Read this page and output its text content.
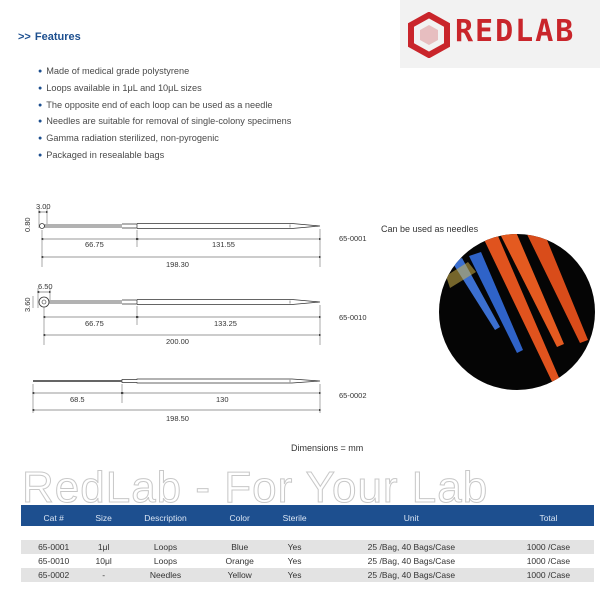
REDLAB
>> Features
● Made of medical grade polystyrene
● Loops available in 1μL and 10μL sizes
● The opposite end of each loop can be used as a needle
● Needles are suitable for removal of single-colony specimens
● Gamma radiation sterilized, non-pyrogenic
● Packaged in resealable bags
3.00
0.80
66.75	131.55
198.30
65-0001
6.50
3.60
66.75	133.25
200.00
65-0010
68.5	130
198.50
65-0002
Dimensions = mm
Can be used as needles
RedLab - For Your Lab
Cat #	Size	Description	Color	Sterile	Unit	Total

65-0001	1μl	Loops	Blue	Yes	25 /Bag, 40 Bags/Case	1000 /Case
65-0010	10μl	Loops	Orange	Yes	25 /Bag, 40 Bags/Case	1000 /Case
65-0002	-	Needles	Yellow	Yes	25 /Bag, 40 Bags/Case	1000 /Case
